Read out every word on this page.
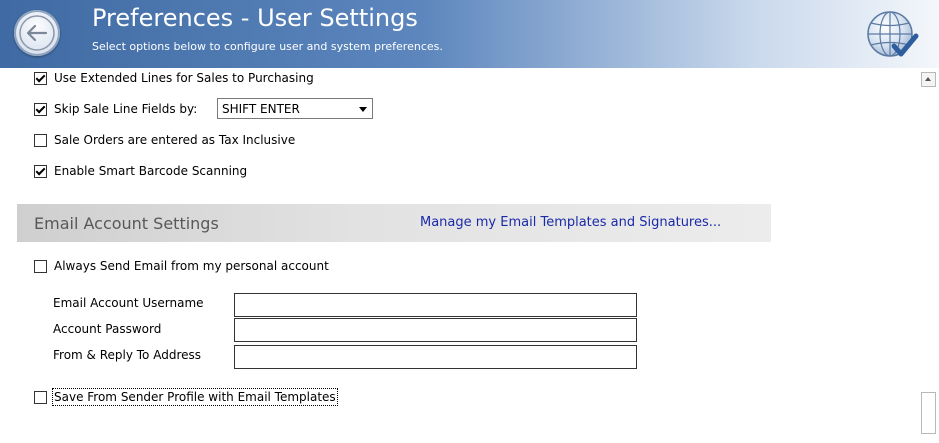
Preferences - User Settings
Select options below to configure user and system preferences.
Use Extended Lines for Sales to Purchasing
Skip Sale Line Fields by: SHIFT ENTER
Sale Orders are entered as Tax Inclusive
Enable Smart Barcode Scanning
Email Account Settings	Manage my Email Templates and Signatures...
Always Send Email from my personal account
Email Account Username
Account Password
From & Reply To Address
Save From Sender Profile with Email Templates
